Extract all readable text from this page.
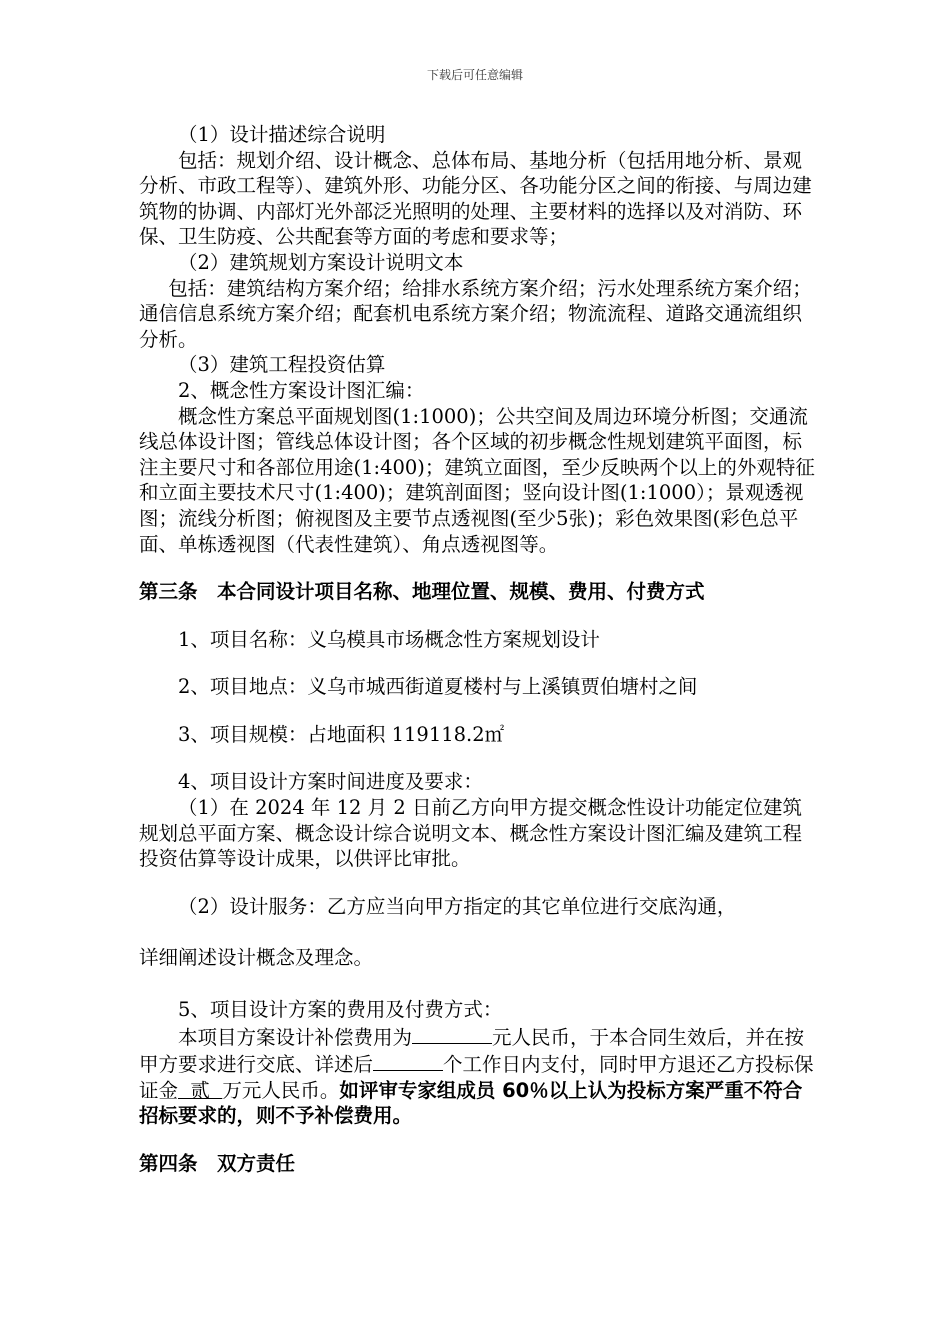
下载后可任意编辑

（1）设计描述综合说明

包括：规划介绍、设计概念、总体布局、基地分析（包括用地分析、景观分析、市政工程等）、建筑外形、功能分区、各功能分区之间的衔接、与周边建筑物的协调、内部灯光外部泛光照明的处理、主要材料的选择以及对消防、环保、卫生防疫、公共配套等方面的考虑和要求等；

（2）建筑规划方案设计说明文本

包括：建筑结构方案介绍；给排水系统方案介绍；污水处理系统方案介绍；通信信息系统方案介绍；配套机电系统方案介绍；物流流程、道路交通流组织分析。

（3）建筑工程投资估算

2、概念性方案设计图汇编：

概念性方案总平面规划图(1:1000)；公共空间及周边环境分析图；交通流线总体设计图；管线总体设计图；各个区域的初步概念性规划建筑平面图，标注主要尺寸和各部位用途(1:400)；建筑立面图，至少反映两个以上的外观特征和立面主要技术尺寸(1:400)；建筑剖面图；竖向设计图(1:1000）；景观透视图；流线分析图；俯视图及主要节点透视图(至少5张)；彩色效果图(彩色总平面、单栋透视图（代表性建筑）、角点透视图等。

第三条　本合同设计项目名称、地理位置、规模、费用、付费方式

1、项目名称：义乌模具市场概念性方案规划设计

2、项目地点：义乌市城西街道夏楼村与上溪镇贾伯塘村之间

3、项目规模：占地面积 119118.2㎡

4、项目设计方案时间进度及要求：

（1）在 2024 年 12 月 2 日前乙方向甲方提交概念性设计功能定位建筑规划总平面方案、概念设计综合说明文本、概念性方案设计图汇编及建筑工程投资估算等设计成果，以供评比审批。

（2）设计服务：乙方应当向甲方指定的其它单位进行交底沟通，

详细阐述设计概念及理念。

5、项目设计方案的费用及付费方式：

本项目方案设计补偿费用为	元人民币，于本合同生效后，并在按甲方要求进行交底、详述后	个工作日内支付，同时甲方退还乙方投标保证金  贰  万元人民币。如评审专家组成员 60％以上认为投标方案严重不符合招标要求的，则不予补偿费用。

第四条　双方责任
